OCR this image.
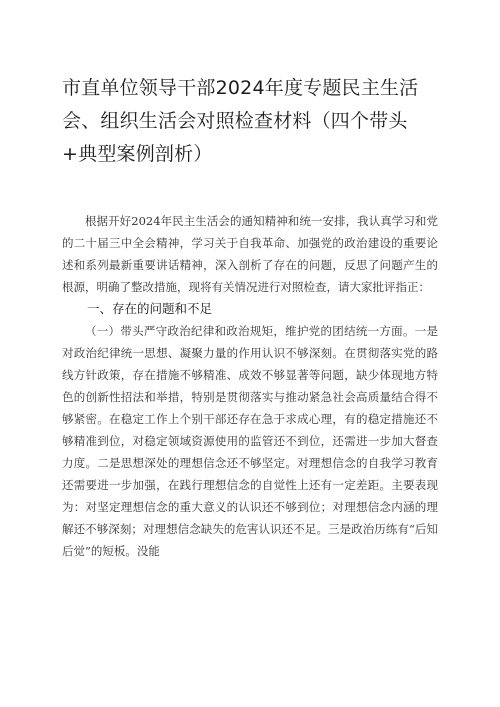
市直单位领导干部2024年度专题民主生活会、组织生活会对照检查材料（四个带头+典型案例剖析）

根据开好2024年民主生活会的通知精神和统一安排，我认真学习和党的二十届三中全会精神，学习关于自我革命、加强党的政治建设的重要论述和系列最新重要讲话精神，深入剖析了存在的问题，反思了问题产生的根源，明确了整改措施，现将有关情况进行对照检查，请大家批评指正：

一、存在的问题和不足

（一）带头严守政治纪律和政治规矩，维护党的团结统一方面。一是对政治纪律统一思想、凝聚力量的作用认识不够深刻。在贯彻落实党的路线方针政策，存在措施不够精准、成效不够显著等问题，缺少体现地方特色的创新性招法和举措，特别是贯彻落实与推动紧急社会高质量结合得不够紧密。在稳定工作上个别干部还存在急于求成心理，有的稳定措施还不够精准到位，对稳定领域资源使用的监管还不到位，还需进一步加大督查力度。二是思想深处的理想信念还不够坚定。对理想信念的自我学习教育还需要进一步加强，在践行理想信念的自觉性上还有一定差距。主要表现为：对坚定理想信念的重大意义的认识还不够到位；对理想信念内涵的理解还不够深刻；对理想信念缺失的危害认识还不足。三是政治历练有“后知后觉”的短板。没能
